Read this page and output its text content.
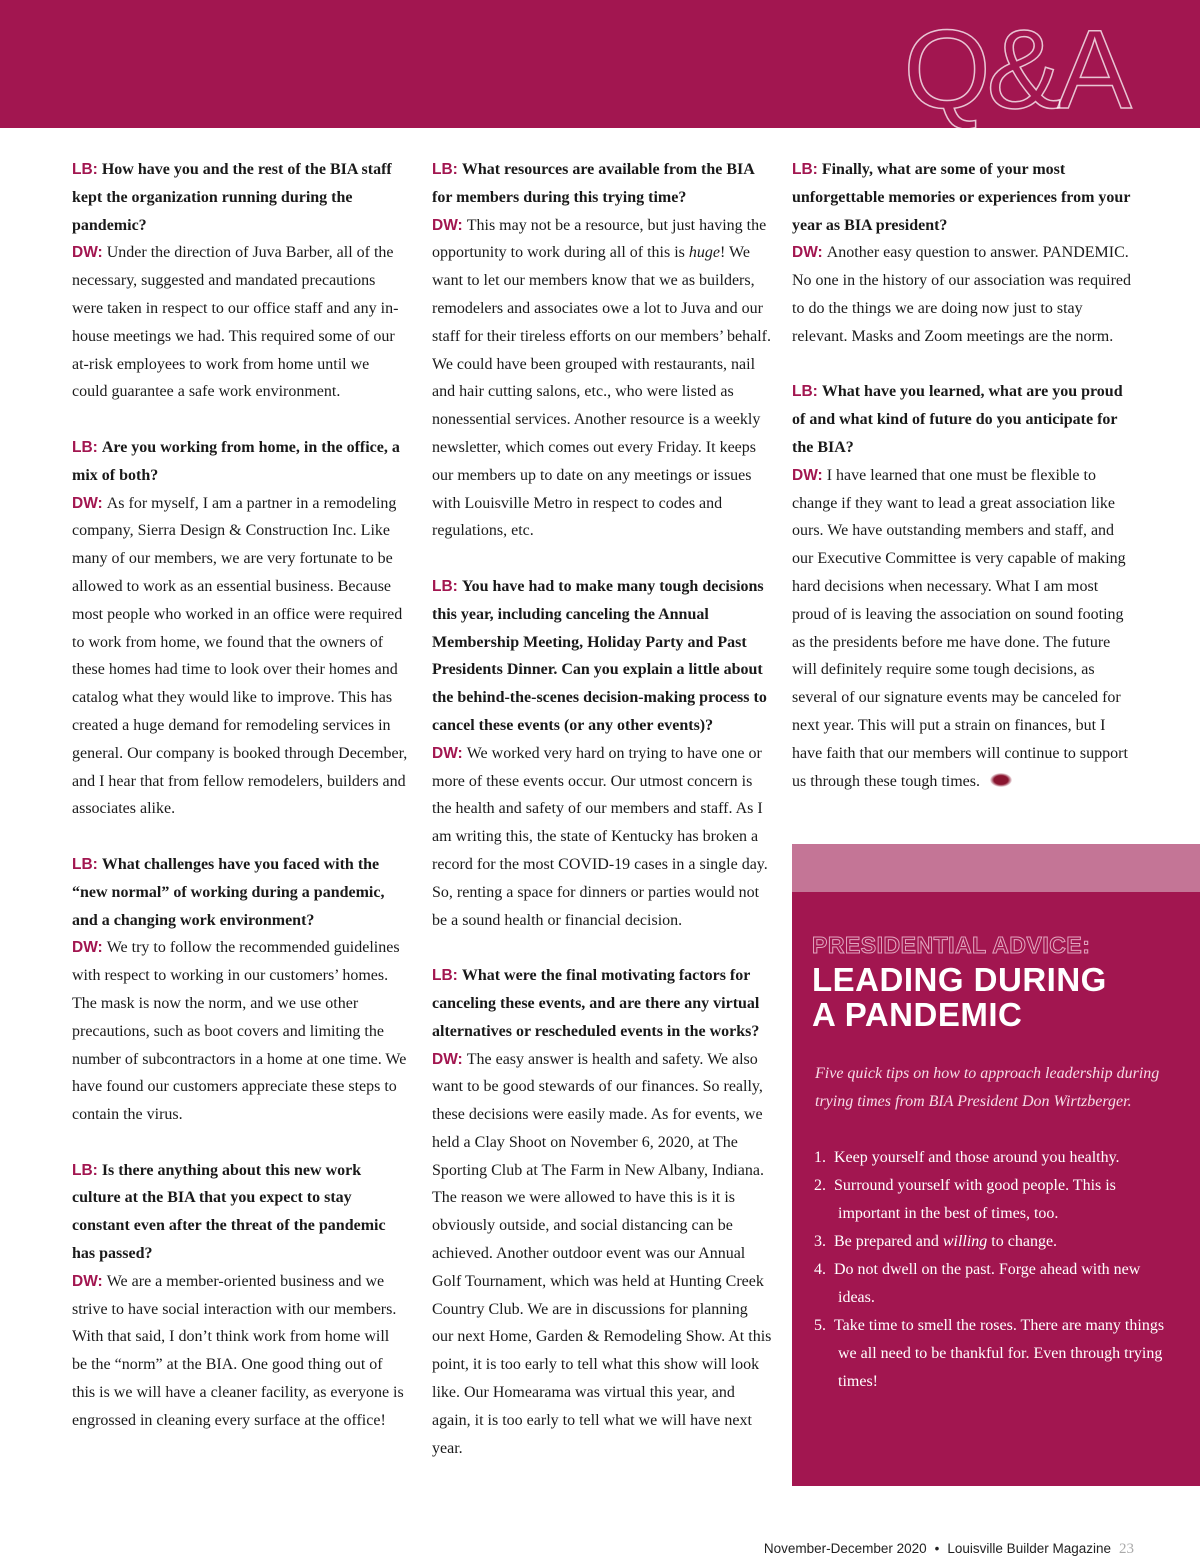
Q&A
LB: How have you and the rest of the BIA staff kept the organization running during the pandemic?
DW: Under the direction of Juva Barber, all of the necessary, suggested and mandated precautions were taken in respect to our office staff and any in-house meetings we had. This required some of our at-risk employees to work from home until we could guarantee a safe work environment.
LB: Are you working from home, in the office, a mix of both?
DW: As for myself, I am a partner in a remodeling company, Sierra Design & Construction Inc. Like many of our members, we are very fortunate to be allowed to work as an essential business. Because most people who worked in an office were required to work from home, we found that the owners of these homes had time to look over their homes and catalog what they would like to improve. This has created a huge demand for remodeling services in general. Our company is booked through December, and I hear that from fellow remodelers, builders and associates alike.
LB: What challenges have you faced with the “new normal” of working during a pandemic, and a changing work environment?
DW: We try to follow the recommended guidelines with respect to working in our customers’ homes. The mask is now the norm, and we use other precautions, such as boot covers and limiting the number of subcontractors in a home at one time. We have found our customers appreciate these steps to contain the virus.
LB: Is there anything about this new work culture at the BIA that you expect to stay constant even after the threat of the pandemic has passed?
DW: We are a member-oriented business and we strive to have social interaction with our members. With that said, I don’t think work from home will be the “norm” at the BIA. One good thing out of this is we will have a cleaner facility, as everyone is engrossed in cleaning every surface at the office!
LB: What resources are available from the BIA for members during this trying time?
DW: This may not be a resource, but just having the opportunity to work during all of this is huge! We want to let our members know that we as builders, remodelers and associates owe a lot to Juva and our staff for their tireless efforts on our members’ behalf. We could have been grouped with restaurants, nail and hair cutting salons, etc., who were listed as nonessential services. Another resource is a weekly newsletter, which comes out every Friday. It keeps our members up to date on any meetings or issues with Louisville Metro in respect to codes and regulations, etc.
LB: You have had to make many tough decisions this year, including canceling the Annual Membership Meeting, Holiday Party and Past Presidents Dinner. Can you explain a little about the behind-the-scenes decision-making process to cancel these events (or any other events)?
DW: We worked very hard on trying to have one or more of these events occur. Our utmost concern is the health and safety of our members and staff. As I am writing this, the state of Kentucky has broken a record for the most COVID-19 cases in a single day. So, renting a space for dinners or parties would not be a sound health or financial decision.
LB: What were the final motivating factors for canceling these events, and are there any virtual alternatives or rescheduled events in the works?
DW: The easy answer is health and safety. We also want to be good stewards of our finances. So really, these decisions were easily made. As for events, we held a Clay Shoot on November 6, 2020, at The Sporting Club at The Farm in New Albany, Indiana. The reason we were allowed to have this is it is obviously outside, and social distancing can be achieved. Another outdoor event was our Annual Golf Tournament, which was held at Hunting Creek Country Club. We are in discussions for planning our next Home, Garden & Remodeling Show. At this point, it is too early to tell what this show will look like. Our Homearama was virtual this year, and again, it is too early to tell what we will have next year.
LB: Finally, what are some of your most unforgettable memories or experiences from your year as BIA president?
DW: Another easy question to answer. PANDEMIC. No one in the history of our association was required to do the things we are doing now just to stay relevant. Masks and Zoom meetings are the norm.
LB: What have you learned, what are you proud of and what kind of future do you anticipate for the BIA?
DW: I have learned that one must be flexible to change if they want to lead a great association like ours. We have outstanding members and staff, and our Executive Committee is very capable of making hard decisions when necessary. What I am most proud of is leaving the association on sound footing as the presidents before me have done. The future will definitely require some tough decisions, as several of our signature events may be canceled for next year. This will put a strain on finances, but I have faith that our members will continue to support us through these tough times.
PRESIDENTIAL ADVICE:
LEADING DURING
A PANDEMIC
Five quick tips on how to approach leadership during trying times from BIA President Don Wirtzberger.
1. Keep yourself and those around you healthy.
2. Surround yourself with good people. This is important in the best of times, too.
3. Be prepared and willing to change.
4. Do not dwell on the past. Forge ahead with new ideas.
5. Take time to smell the roses. There are many things we all need to be thankful for. Even through trying times!
November-December 2020 • Louisville Builder Magazine 23
